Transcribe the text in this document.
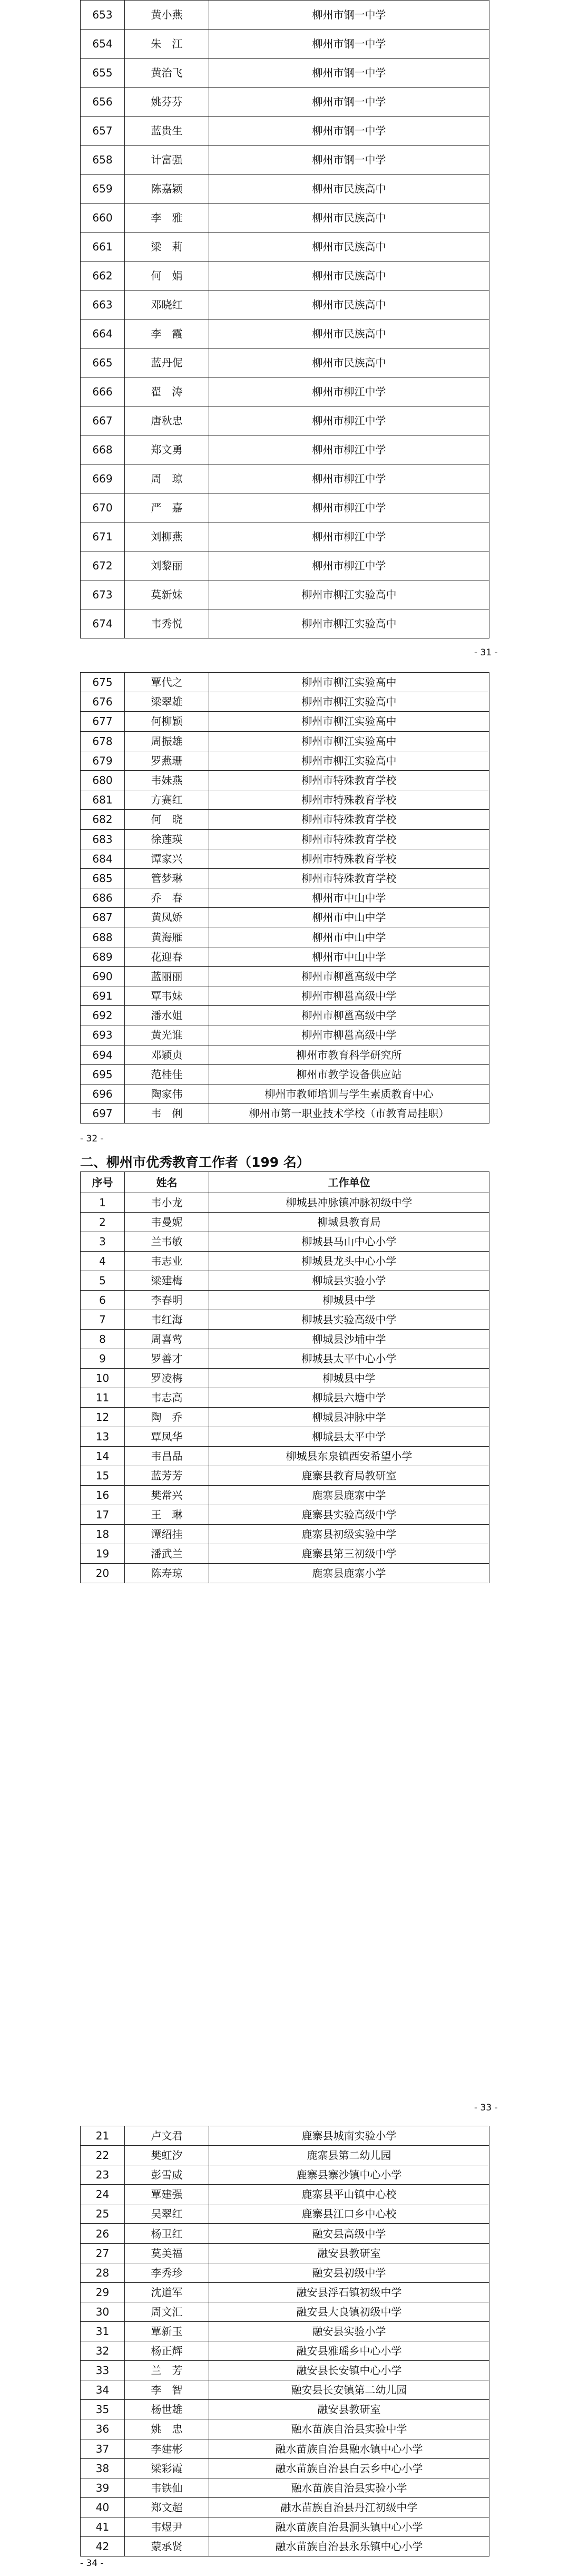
653	黄小燕	柳州市钢一中学
654	朱　江	柳州市钢一中学
655	黄治飞	柳州市钢一中学
656	姚芬芬	柳州市钢一中学
657	蓝贵生	柳州市钢一中学
658	计富强	柳州市钢一中学
659	陈嘉颖	柳州市民族高中
660	李　雅	柳州市民族高中
661	梁　莉	柳州市民族高中
662	何　娟	柳州市民族高中
663	邓晓红	柳州市民族高中
664	李　霞	柳州市民族高中
665	蓝丹伲	柳州市民族高中
666	翟　涛	柳州市柳江中学
667	唐秋忠	柳州市柳江中学
668	郑文勇	柳州市柳江中学
669	周　琼	柳州市柳江中学
670	严　嘉	柳州市柳江中学
671	刘柳燕	柳州市柳江中学
672	刘黎丽	柳州市柳江中学
673	莫新妹	柳州市柳江实验高中
674	韦秀悦	柳州市柳江实验高中
- 31 -
675	覃代之	柳州市柳江实验高中
676	梁翠雄	柳州市柳江实验高中
677	何柳颖	柳州市柳江实验高中
678	周振雄	柳州市柳江实验高中
679	罗燕珊	柳州市柳江实验高中
680	韦妹燕	柳州市特殊教育学校
681	方赛红	柳州市特殊教育学校
682	何　晓	柳州市特殊教育学校
683	徐莲瑛	柳州市特殊教育学校
684	谭家兴	柳州市特殊教育学校
685	管梦琳	柳州市特殊教育学校
686	乔　春	柳州市中山中学
687	黄凤娇	柳州市中山中学
688	黄海雁	柳州市中山中学
689	花迎春	柳州市中山中学
690	蓝丽丽	柳州市柳邕高级中学
691	覃韦妹	柳州市柳邕高级中学
692	潘水姐	柳州市柳邕高级中学
693	黄光谁	柳州市柳邕高级中学
694	邓颖贞	柳州市教育科学研究所
695	范桂佳	柳州市教学设备供应站
696	陶家伟	柳州市教师培训与学生素质教育中心
697	韦　俐	柳州市第一职业技术学校（市教育局挂职）
- 32 -
二、柳州市优秀教育工作者（199 名）
序号	姓名	工作单位
1	韦小龙	柳城县冲脉镇冲脉初级中学
2	韦曼妮	柳城县教育局
3	兰韦敏	柳城县马山中心小学
4	韦志业	柳城县龙头中心小学
5	梁建梅	柳城县实验小学
6	李春明	柳城县中学
7	韦红海	柳城县实验高级中学
8	周喜莺	柳城县沙埔中学
9	罗善才	柳城县太平中心小学
10	罗凌梅	柳城县中学
11	韦志高	柳城县六塘中学
12	陶　乔	柳城县冲脉中学
13	覃凤华	柳城县太平中学
14	韦昌晶	柳城县东泉镇西安希望小学
15	蓝芳芳	鹿寨县教育局教研室
16	樊常兴	鹿寨县鹿寨中学
17	王　琳	鹿寨县实验高级中学
18	谭绍挂	鹿寨县初级实验中学
19	潘武兰	鹿寨县第三初级中学
20	陈寿琼	鹿寨县鹿寨小学
- 33 -
21	卢文君	鹿寨县城南实验小学
22	樊虹汐	鹿寨县第二幼儿园
23	彭雪威	鹿寨县寨沙镇中心小学
24	覃建强	鹿寨县平山镇中心校
25	吴翠红	鹿寨县江口乡中心校
26	杨卫红	融安县高级中学
27	莫美福	融安县教研室
28	李秀珍	融安县初级中学
29	沈道军	融安县浮石镇初级中学
30	周文汇	融安县大良镇初级中学
31	覃新玉	融安县实验小学
32	杨正辉	融安县雅瑶乡中心小学
33	兰　芳	融安县长安镇中心小学
34	李　智	融安县长安镇第二幼儿园
35	杨世雄	融安县教研室
36	姚　忠	融水苗族自治县实验中学
37	李建彬	融水苗族自治县融水镇中心小学
38	梁彩霞	融水苗族自治县白云乡中心小学
39	韦铁仙	融水苗族自治县实验小学
40	郑文超	融水苗族自治县丹江初级中学
41	韦煜尹	融水苗族自治县洞头镇中心小学
42	蒙承贤	融水苗族自治县永乐镇中心小学
- 34 -
